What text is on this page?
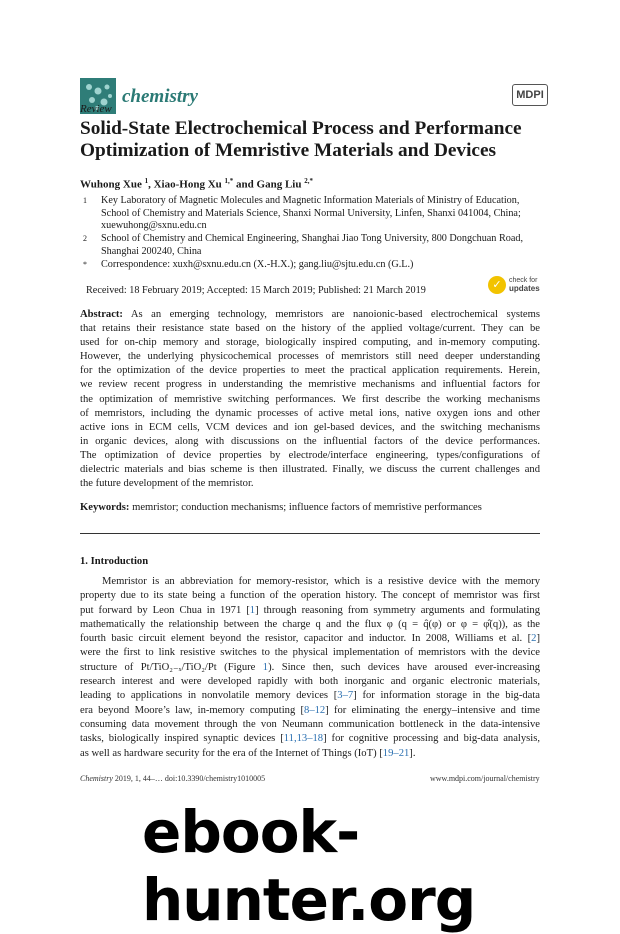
chemistry	MDPI
Review
Solid-State Electrochemical Process and Performance
Optimization of Memristive Materials and Devices
Wuhong Xue $^1$, Xiao-Hong Xu $^{1,*}$ and Gang Liu $^{2,*}$
1	Key Laboratory of Magnetic Molecules and Magnetic Information Materials of Ministry of Education, School of Chemistry and Materials Science, Shanxi Normal University, Linfen, Shanxi 041004, China; xuewuhong@sxnu.edu.cn
2	School of Chemistry and Chemical Engineering, Shanghai Jiao Tong University, 800 Dongchuan Road, Shanghai 200240, China
*	Correspondence: xuxh@sxnu.edu.cn (X.-H.X.); gang.liu@sjtu.edu.cn (G.L.)
Received: 18 February 2019; Accepted: 15 March 2019; Published: 21 March 2019	✓	check for
updates
Abstract: As an emerging technology, memristors are nanoionic-based electrochemical systems
that retains their resistance state based on the history of the applied voltage/current. They can be
used for on-chip memory and storage, biologically inspired computing, and in-memory computing.
However, the underlying physicochemical processes of memristors still need deeper understanding
for the optimization of the device properties to meet the practical application requirements. Herein,
we review recent progress in understanding the memristive mechanisms and influential factors for
the optimization of memristive switching performances. We first describe the working mechanisms
of memristors, including the dynamic processes of active metal ions, native oxygen ions and other
active ions in ECM cells, VCM devices and ion gel-based devices, and the switching mechanisms
in organic devices, along with discussions on the influential factors of the device performances.
The optimization of device properties by electrode/interface engineering, types/configurations of
dielectric materials and bias scheme is then illustrated. Finally, we discuss the current challenges and
the future development of the memristor.
Keywords: memristor; conduction mechanisms; influence factors of memristive performances
1. Introduction
Memristor is an abbreviation for memory-resistor, which is a resistive device with the memory
property due to its state being a function of the operation history. The concept of memristor was first
put forward by Leon Chua in 1971 [1] through reasoning from symmetry arguments and formulating
mathematically the relationship between the charge q and the flux φ (q = q̂(φ) or φ = φ̂(q)), as the
fourth basic circuit element beyond the resistor, capacitor and inductor. In 2008, Williams et al. [2]
were the first to link resistive switches to the physical implementation of memristors with the device
structure of Pt/TiO₂₋ₓ/TiO₂/Pt (Figure 1). Since then, such devices have aroused ever-increasing
research interest and were developed rapidly with both inorganic and organic electronic materials,
leading to applications in nonvolatile memory devices [3–7] for information storage in the big-data
era beyond Moore’s law, in-memory computing [8–12] for eliminating the energy–intensive and time
consuming data movement through the von Neumann communication bottleneck in the data-intensive
tasks, biologically inspired synaptic devices [11,13–18] for cognitive processing and big-data analysis,
as well as hardware security for the era of the Internet of Things (IoT) [19–21].
Chemistry 2019, 1, 44–… doi:10.3390/chemistry1010005	www.mdpi.com/journal/chemistry
ebook-hunter.org
